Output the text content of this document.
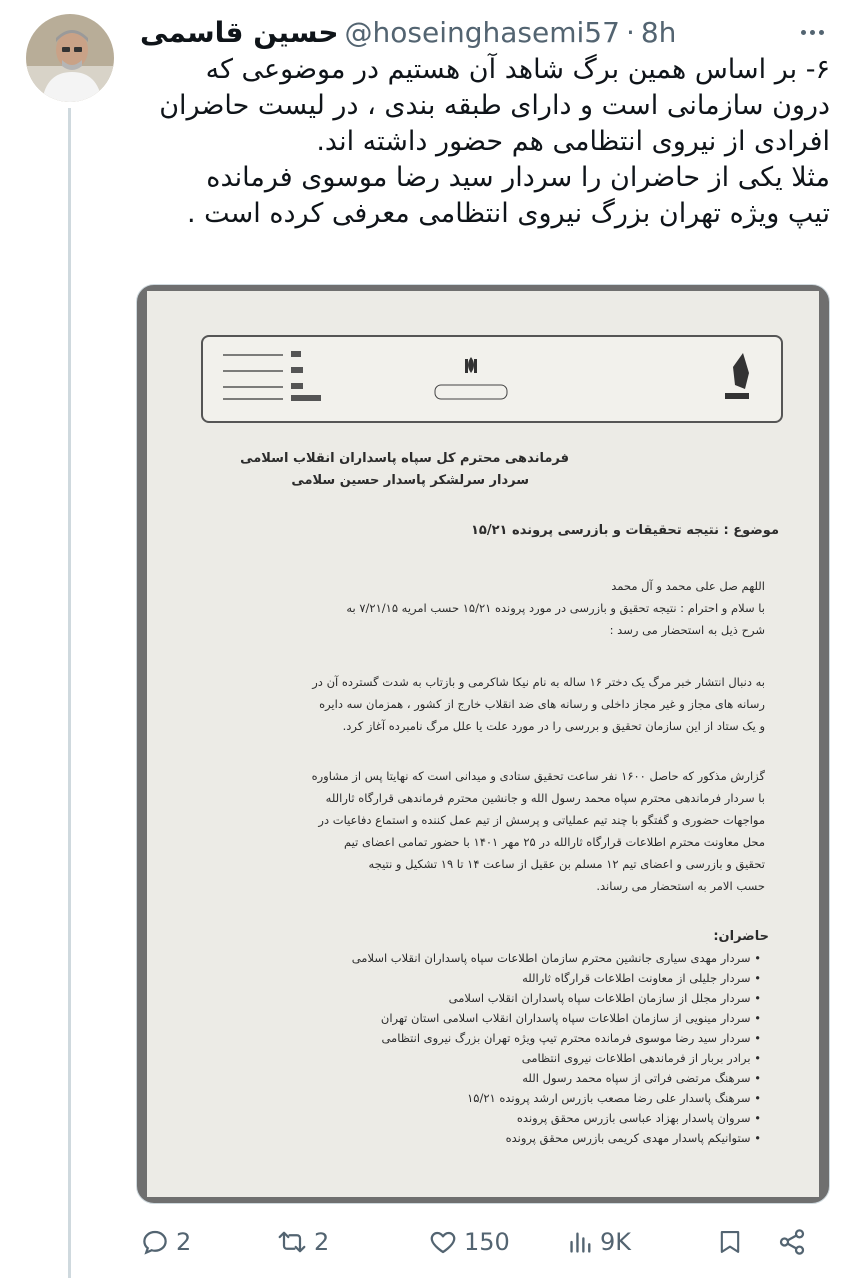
حسین قاسمی @hoseinghasemi57 · 8h
۶- بر اساس همین برگ شاهد آن هستیم در موضوعی که
درون سازمانی است و دارای طبقه بندی ، در لیست حاضران
افرادی از نیروی انتظامی هم حضور داشته اند.
مثلا یکی از حاضران را سردار سید رضا موسوی فرمانده
تیپ ویژه تهران بزرگ نیروی انتظامی معرفی کرده است .
فرماندهی محترم کل سپاه پاسداران انقلاب اسلامی
سردار سرلشکر پاسدار حسین سلامی
موضوع : نتیجه تحقیقات و بازرسی پرونده ۱۵/۲۱
اللهم صل علی محمد و آل محمد
با سلام و احترام : نتیجه تحقیق و بازرسی در مورد پرونده ۱۵/۲۱ حسب امریه ۷/۲۱/۱۵ به
شرح ذیل به استحضار می رسد :
به دنبال انتشار خبر مرگ یک دختر ۱۶ ساله به نام نیکا شاکرمی و بازتاب به شدت گسترده آن در
رسانه های مجاز و غیر مجاز داخلی و رسانه های ضد انقلاب خارج از کشور ، همزمان سه دایره
و یک ستاد از این سازمان تحقیق و بررسی را در مورد علت یا علل مرگ نامبرده آغاز کرد.
گزارش مذکور که حاصل ۱۶۰۰ نفر ساعت تحقیق ستادی و میدانی است که نهایتا پس از مشاوره
با سردار فرماندهی محترم سپاه محمد رسول الله و جانشین محترم فرماندهی قرارگاه ثارالله
مواجهات حضوری و گفتگو با چند تیم عملیاتی و پرسش از تیم عمل کننده و استماع دفاعیات در
محل معاونت محترم اطلاعات قرارگاه ثارالله در ۲۵ مهر ۱۴۰۱ با حضور تمامی اعضای تیم
تحقیق و بازرسی و اعضای تیم ۱۲ مسلم بن عقیل از ساعت ۱۴ تا ۱۹ تشکیل و نتیجه
حسب الامر به استحضار می رساند.
حاضران:
• سردار مهدی سیاری جانشین محترم سازمان اطلاعات سپاه پاسداران انقلاب اسلامی
• سردار جلیلی از معاونت اطلاعات قرارگاه ثارالله
• سردار مجلل از سازمان اطلاعات سپاه پاسداران انقلاب اسلامی
• سردار مینویی از سازمان اطلاعات سپاه پاسداران انقلاب اسلامی استان تهران
• سردار سید رضا موسوی فرمانده محترم تیپ ویژه تهران بزرگ نیروی انتظامی
• برادر بربار از فرماندهی اطلاعات نیروی انتظامی
• سرهنگ مرتضی فراتی از سپاه محمد رسول الله
• سرهنگ پاسدار علی رضا مصعب بازرس ارشد پرونده ۱۵/۲۱
• سروان پاسدار بهزاد عباسی بازرس محقق پرونده
• ستوانیکم پاسدار مهدی کریمی بازرس محقق پرونده
2	2	150	9K
